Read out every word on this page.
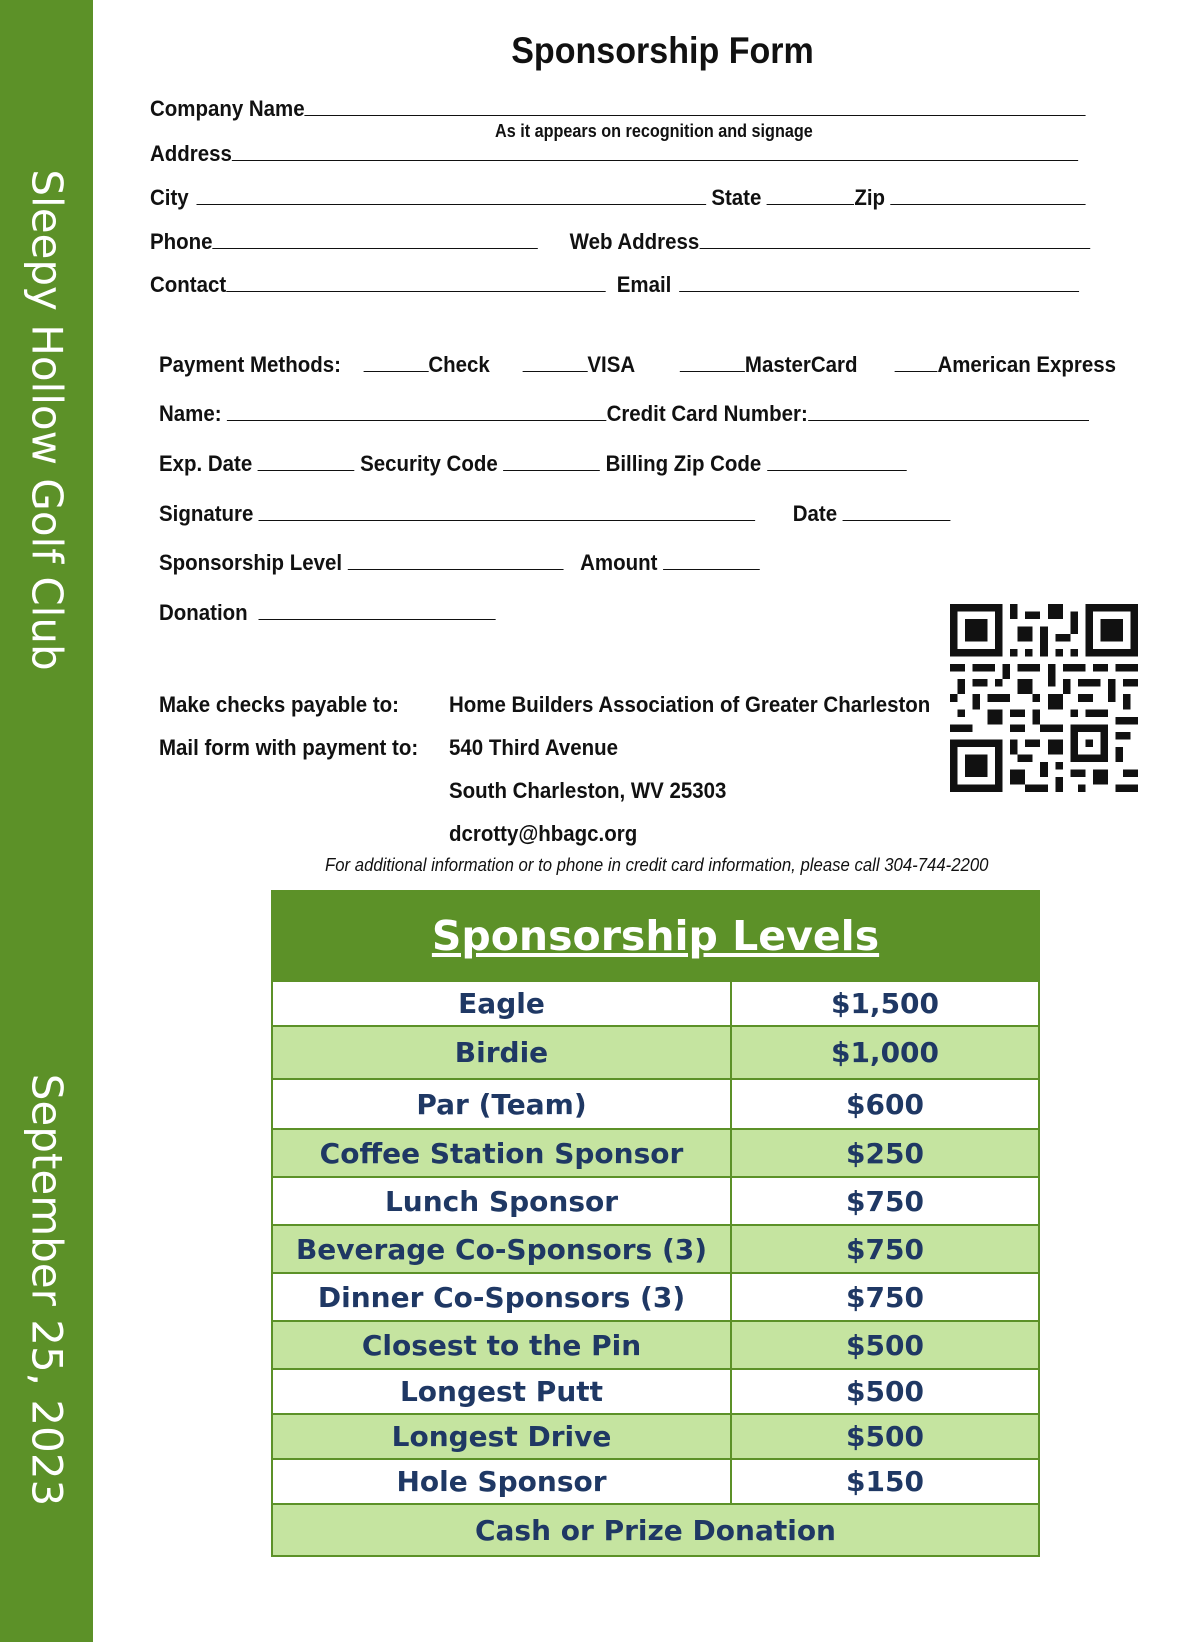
Sleepy Hollow Golf Club
September 25, 2023
Sponsorship Form
Company Name
As it appears on recognition and signage
Address
City	State	Zip
Phone	Web Address
Contact	Email
Payment Methods:	Check	VISA	MasterCard	American Express
Name:	Credit Card Number:
Exp. Date	Security Code	Billing Zip Code
Signature	Date
Sponsorship Level	Amount
Donation
Make checks payable to: Home Builders Association of Greater Charleston
Mail form with payment to: 540 Third Avenue
South Charleston, WV 25303
dcrotty@hbagc.org
For additional information or to phone in credit card information, please call 304-744-2200
Sponsorship Levels
Eagle	$1,500
Birdie	$1,000
Par (Team)	$600
Coffee Station Sponsor	$250
Lunch Sponsor	$750
Beverage Co-Sponsors (3)	$750
Dinner Co-Sponsors (3)	$750
Closest to the Pin	$500
Longest Putt	$500
Longest Drive	$500
Hole Sponsor	$150
Cash or Prize Donation
